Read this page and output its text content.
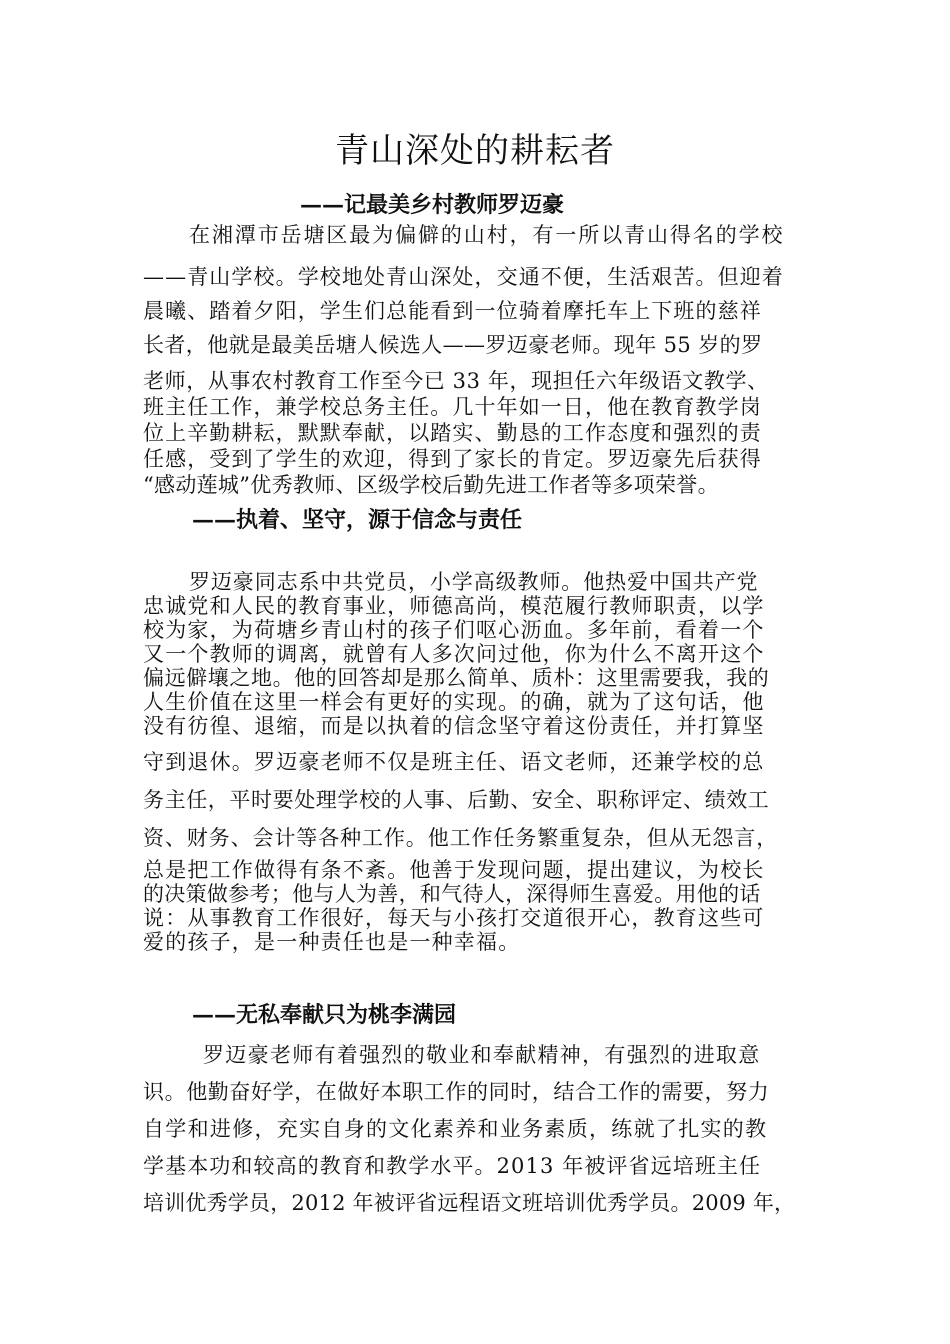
青山深处的耕耘者
——记最美乡村教师罗迈豪
在湘潭市岳塘区最为偏僻的山村，有一所以青山得名的学校
——青山学校。学校地处青山深处，交通不便，生活艰苦。但迎着
晨曦、踏着夕阳，学生们总能看到一位骑着摩托车上下班的慈祥
长者，他就是最美岳塘人候选人——罗迈豪老师。现年 55 岁的罗
老师，从事农村教育工作至今已 33 年，现担任六年级语文教学、
班主任工作，兼学校总务主任。几十年如一日，他在教育教学岗
位上辛勤耕耘，默默奉献，以踏实、勤恳的工作态度和强烈的责
任感，受到了学生的欢迎，得到了家长的肯定。罗迈豪先后获得
“感动莲城”优秀教师、区级学校后勤先进工作者等多项荣誉。
——执着、坚守，源于信念与责任
罗迈豪同志系中共党员，小学高级教师。他热爱中国共产党
忠诚党和人民的教育事业，师德高尚，模范履行教师职责，以学
校为家，为荷塘乡青山村的孩子们呕心沥血。多年前，看着一个
又一个教师的调离，就曾有人多次问过他，你为什么不离开这个
偏远僻壤之地。他的回答却是那么简单、质朴：这里需要我，我的
人生价值在这里一样会有更好的实现。的确，就为了这句话，他
没有彷徨、退缩，而是以执着的信念坚守着这份责任，并打算坚
守到退休。罗迈豪老师不仅是班主任、语文老师，还兼学校的总
务主任，平时要处理学校的人事、后勤、安全、职称评定、绩效工
资、财务、会计等各种工作。他工作任务繁重复杂，但从无怨言，
总是把工作做得有条不紊。他善于发现问题，提出建议，为校长
的决策做参考；他与人为善，和气待人，深得师生喜爱。用他的话
说：从事教育工作很好，每天与小孩打交道很开心，教育这些可
爱的孩子，是一种责任也是一种幸福。
——无私奉献只为桃李满园
罗迈豪老师有着强烈的敬业和奉献精神，有强烈的进取意
识。他勤奋好学，在做好本职工作的同时，结合工作的需要，努力
自学和进修，充实自身的文化素养和业务素质，练就了扎实的教
学基本功和较高的教育和教学水平。2013 年被评省远培班主任
培训优秀学员，2012 年被评省远程语文班培训优秀学员。2009 年，
